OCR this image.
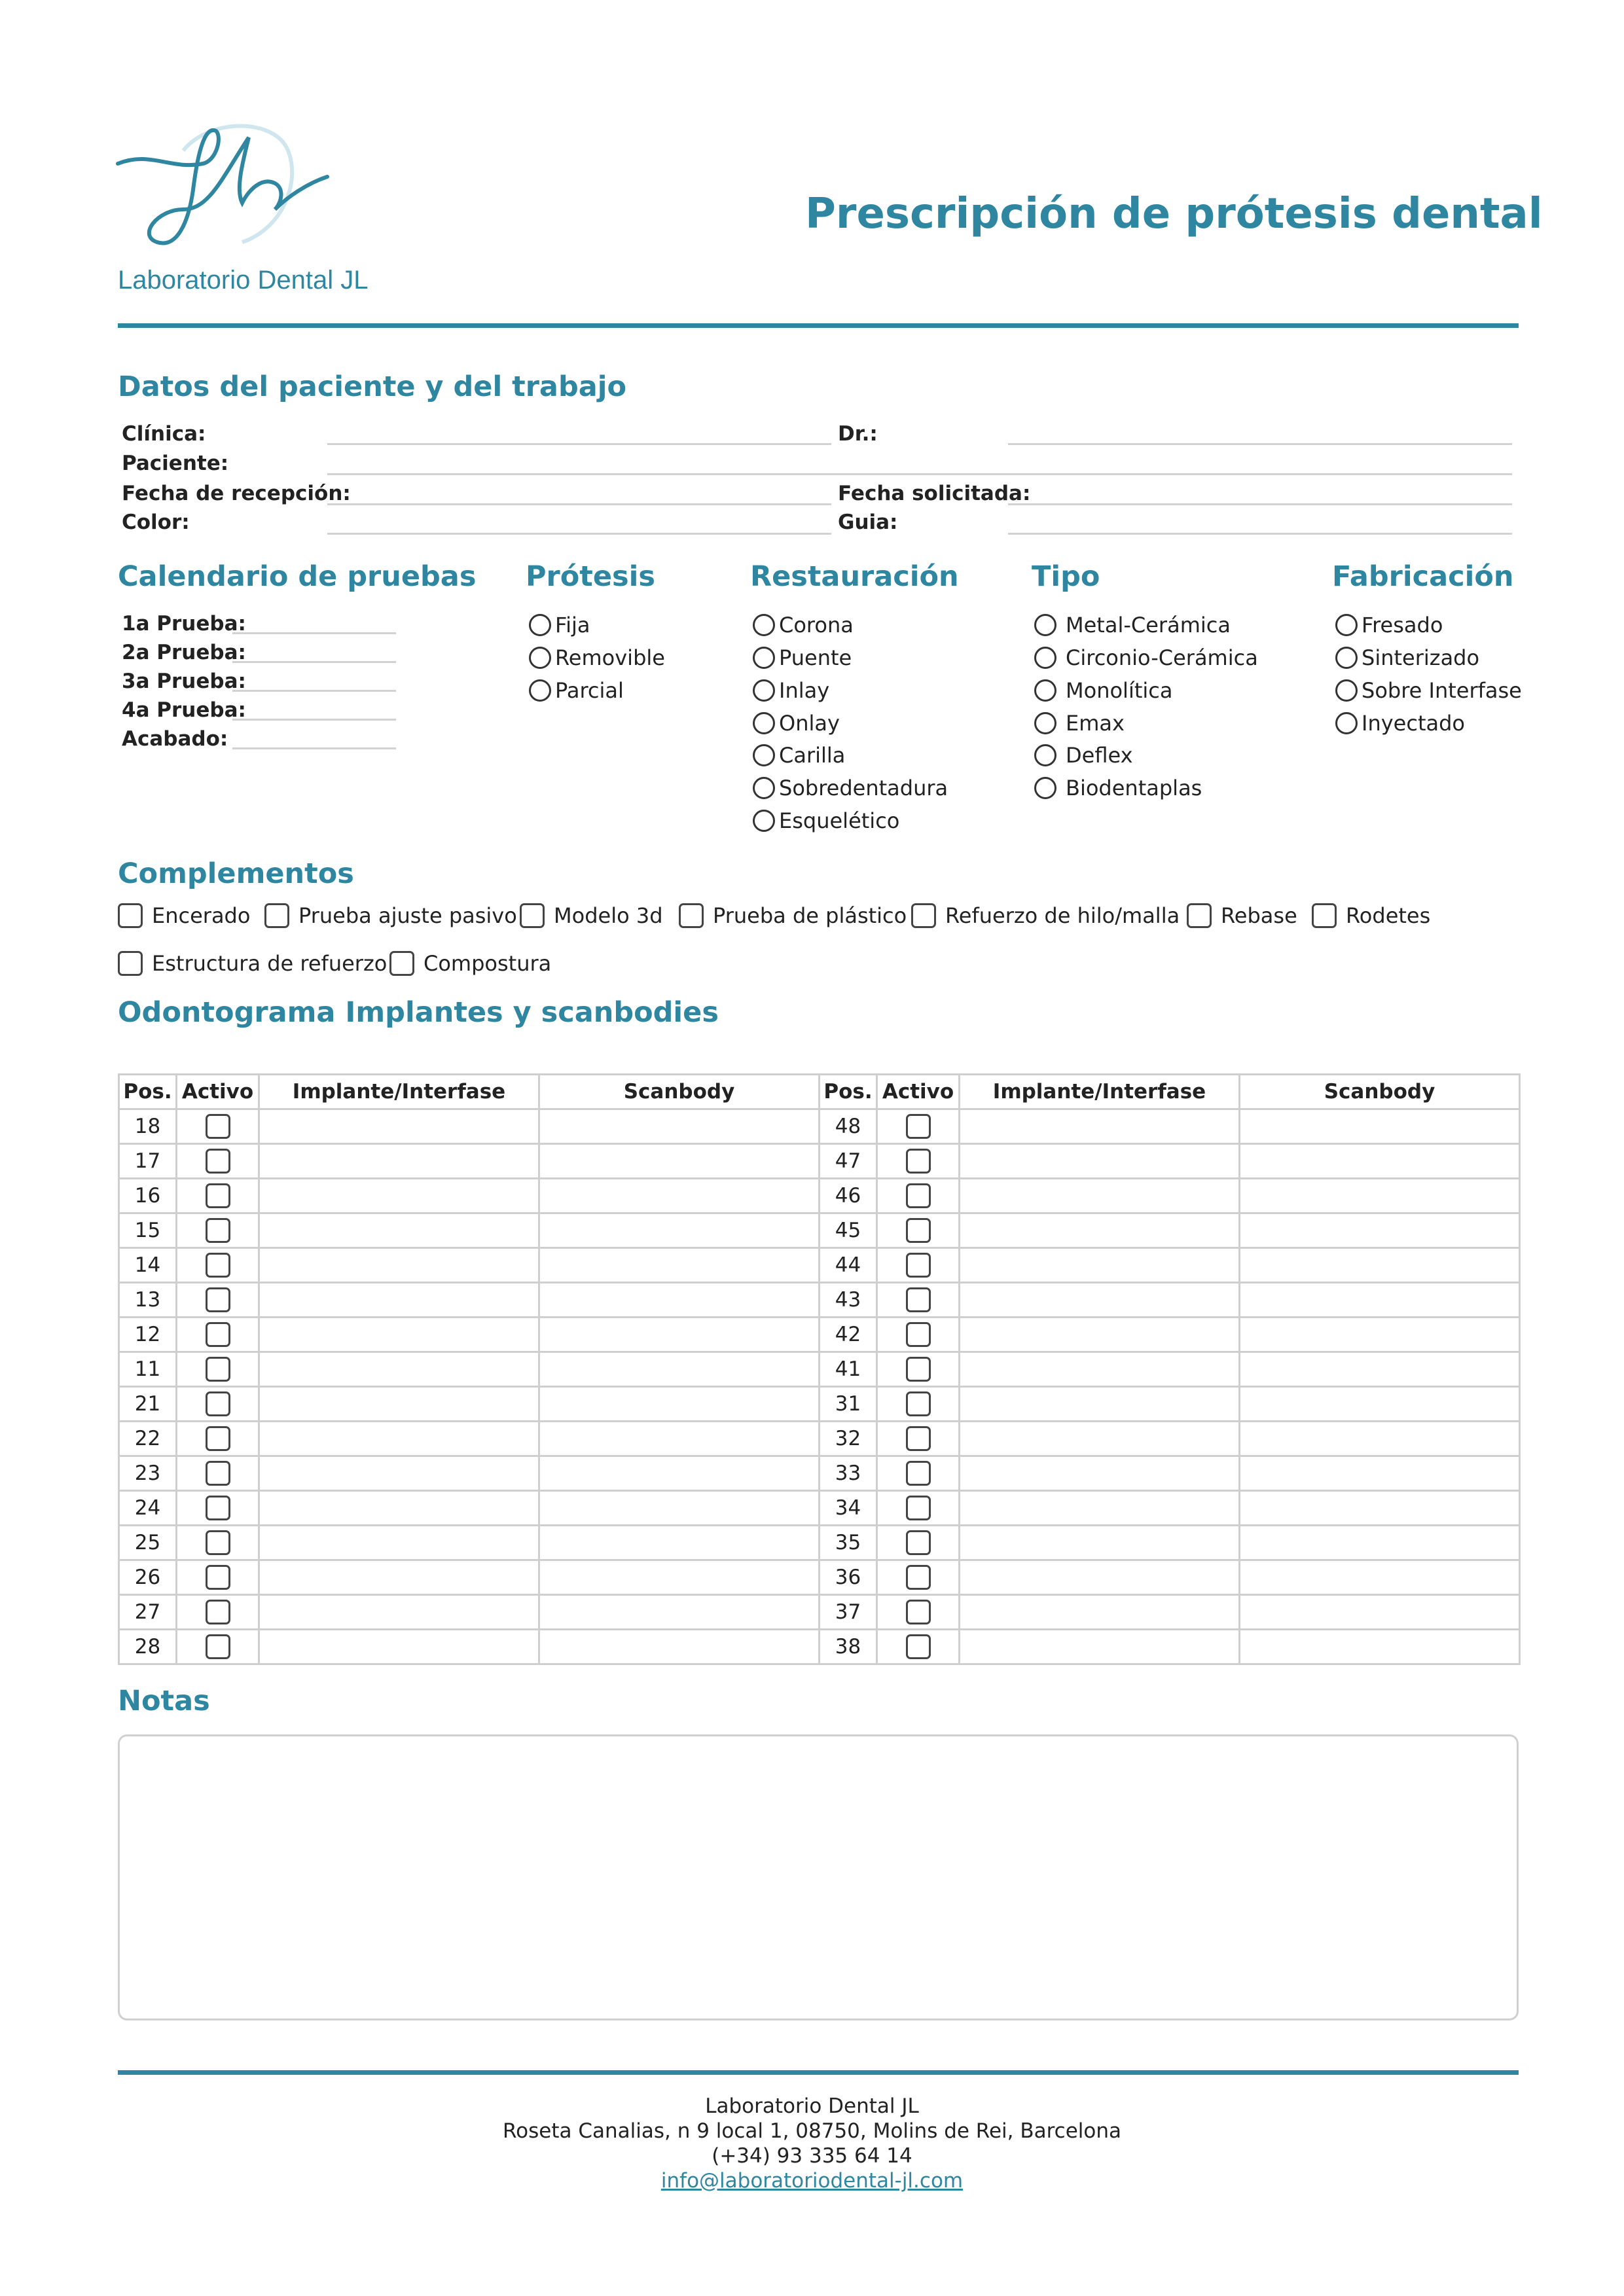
Laboratorio Dental JL
Prescripción de prótesis dental
Datos del paciente y del trabajo
Clínica:	Dr.:
Paciente:
Fecha de recepción:	Fecha solicitada:
Color:	Guia:
Calendario de pruebas
1a Prueba:
2a Prueba:
3a Prueba:
4a Prueba:
Acabado:
Prótesis
Fija
Removible
Parcial
Restauración
Corona
Puente
Inlay
Onlay
Carilla
Sobredentadura
Esquelético
Tipo
Metal-Cerámica
Circonio-Cerámica
Monolítica
Emax
Deflex
Biodentaplas
Fabricación
Fresado
Sinterizado
Sobre Interfase
Inyectado
Complementos
Encerado Prueba ajuste pasivo Modelo 3d Prueba de plástico Refuerzo de hilo/malla Rebase Rodetes
Estructura de refuerzo Compostura
Odontograma Implantes y scanbodies
Pos.	Activo	Implante/Interfase	Scanbody	Pos.	Activo	Implante/Interfase	Scanbody
18				48			
17				47			
16				46			
15				45			
14				44			
13				43			
12				42			
11				41			
21				31			
22				32			
23				33			
24				34			
25				35			
26				36			
27				37			
28				38			
Notas
Laboratorio Dental JL
Roseta Canalias, n 9 local 1, 08750, Molins de Rei, Barcelona
(+34) 93 335 64 14
info@laboratoriodental-jl.com
